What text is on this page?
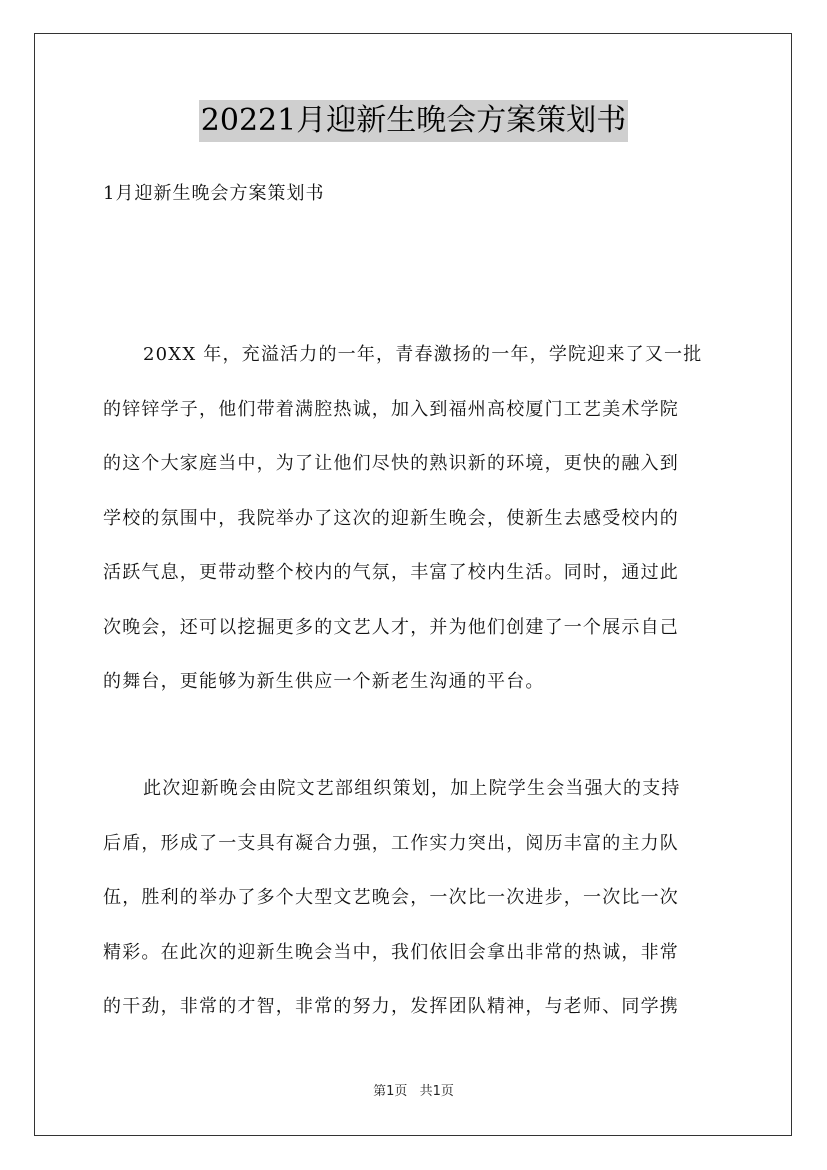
20221月迎新生晚会方案策划书
1月迎新生晚会方案策划书
20XX 年，充溢活力的一年，青春激扬的一年，学院迎来了又一批
的锌锌学子，他们带着满腔热诚，加入到福州高校厦门工艺美术学院
的这个大家庭当中，为了让他们尽快的熟识新的环境，更快的融入到
学校的氛围中，我院举办了这次的迎新生晚会，使新生去感受校内的
活跃气息，更带动整个校内的气氛，丰富了校内生活。同时，通过此
次晚会，还可以挖掘更多的文艺人才，并为他们创建了一个展示自己
的舞台，更能够为新生供应一个新老生沟通的平台。
此次迎新晚会由院文艺部组织策划，加上院学生会当强大的支持
后盾，形成了一支具有凝合力强，工作实力突出，阅历丰富的主力队
伍，胜利的举办了多个大型文艺晚会，一次比一次进步，一次比一次
精彩。在此次的迎新生晚会当中，我们依旧会拿出非常的热诚，非常
的干劲，非常的才智，非常的努力，发挥团队精神，与老师、同学携
第1页 共1页
